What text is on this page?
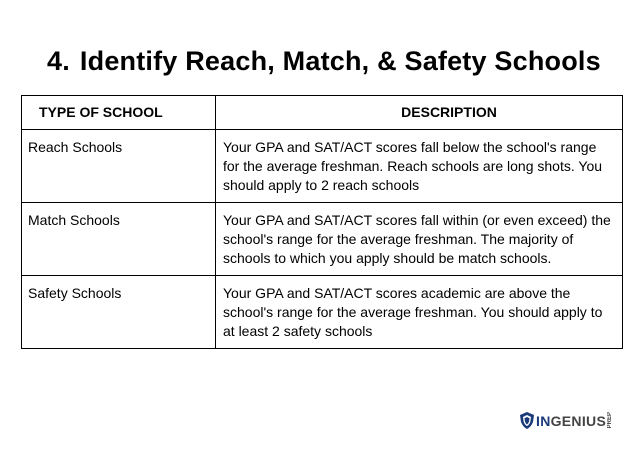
4. Identify Reach, Match, & Safety Schools
TYPE OF SCHOOL	DESCRIPTION
Reach Schools	Your GPA and SAT/ACT scores fall below the school's range for the average freshman. Reach schools are long shots. You should apply to 2 reach schools
Match Schools	Your GPA and SAT/ACT scores fall within (or even exceed) the school's range for the average freshman. The majority of schools to which you apply should be match schools.
Safety Schools	Your GPA and SAT/ACT scores academic are above the school's range for the average freshman. You should apply to at least 2 safety schools
IN GENIUS PREP
